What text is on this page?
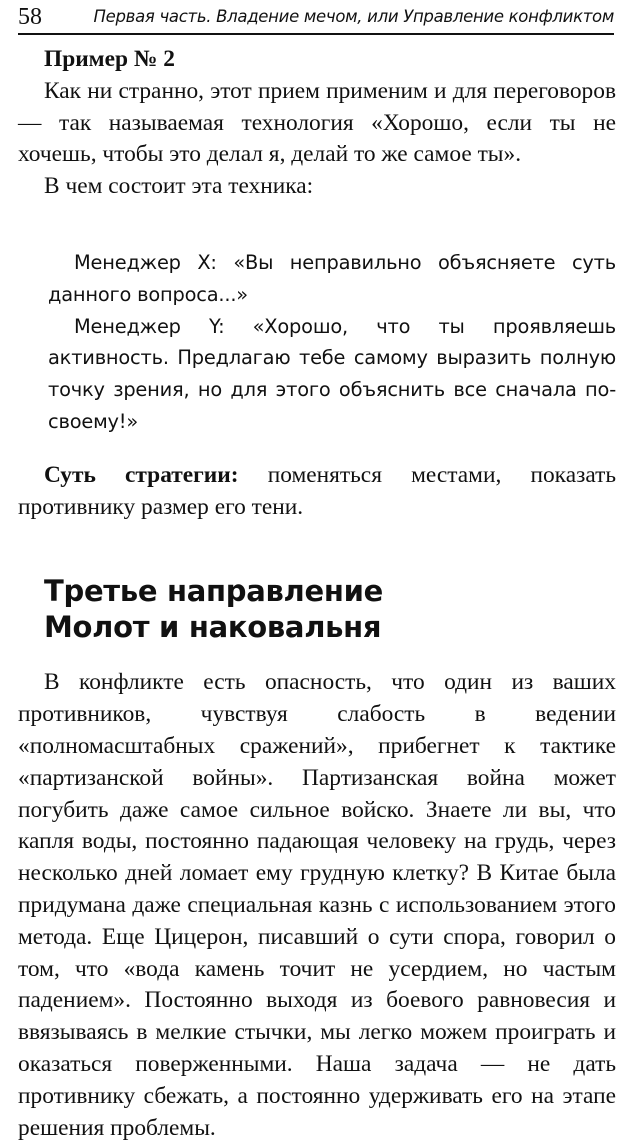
58	Первая часть. Владение мечом, или Управление конфликтом
Пример № 2

Как ни странно, этот прием применим и для переговоров — так называемая технология «Хорошо, если ты не хочешь, чтобы это делал я, делай то же самое ты».

В чем состоит эта техника:

Менеджер X: «Вы неправильно объясняете суть данного вопроса...»

Менеджер Y: «Хорошо, что ты проявляешь активность. Предлагаю тебе самому выразить полную точку зрения, но для этого объяснить все сначала по-своему!»

Суть стратегии: поменяться местами, показать противнику размер его тени.

Третье направление
Молот и наковальня

В конфликте есть опасность, что один из ваших противников, чувствуя слабость в ведении «полномасштабных сражений», прибегнет к тактике «партизанской войны». Партизанская война может погубить даже самое сильное войско. Знаете ли вы, что капля воды, постоянно падающая человеку на грудь, через несколько дней ломает ему грудную клетку? В Китае была придумана даже специальная казнь с использованием этого метода. Еще Цицерон, писавший о сути спора, говорил о том, что «вода камень точит не усердием, но частым падением». Постоянно выходя из боевого равновесия и ввязываясь в мелкие стычки, мы легко можем проиграть и оказаться поверженными. Наша задача — не дать противнику сбежать, а постоянно удерживать его на этапе решения проблемы.
